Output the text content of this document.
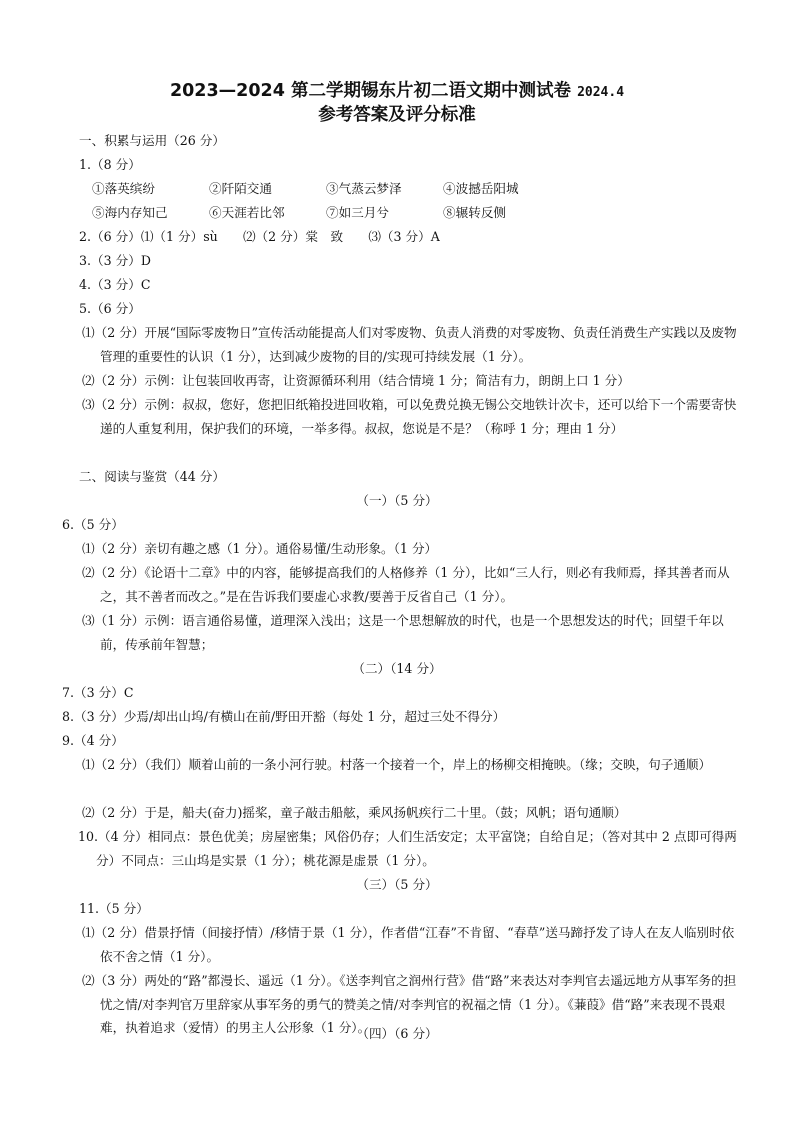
2023—2024 第二学期锡东片初二语文期中测试卷 2024.4
参考答案及评分标准
一、积累与运用（26 分）
1.（8 分）
①落英缤纷	②阡陌交通	③气蒸云梦泽	④波撼岳阳城
⑤海内存知己	⑥天涯若比邻	⑦如三月兮	⑧辗转反侧
2.（6 分）⑴（1 分）sù　　⑵（2 分）棠　致　　⑶（3 分）A
3.（3 分）D
4.（3 分）C
5.（6 分）
⑴（2 分）开展“国际零废物日”宣传活动能提高人们对零废物、负责人消费的对零废物、负责任消费生产实践以及废物管理的重要性的认识（1 分），达到减少废物的目的/实现可持续发展（1 分）。
⑵（2 分）示例：让包装回收再寄，让资源循环利用（结合情境 1 分；简洁有力，朗朗上口 1 分）
⑶（2 分）示例：叔叔，您好，您把旧纸箱投进回收箱，可以免费兑换无锡公交地铁计次卡，还可以给下一个需要寄快递的人重复利用，保护我们的环境，一举多得。叔叔，您说是不是？（称呼 1 分；理由 1 分）
二、阅读与鉴赏（44 分）
（一）（5 分）
6.（5 分）
⑴（2 分）亲切有趣之感（1 分）。通俗易懂/生动形象。（1 分）
⑵（2 分）《论语十二章》中的内容，能够提高我们的人格修养（1 分），比如“三人行，则必有我师焉，择其善者而从之，其不善者而改之。”是在告诉我们要虚心求教/要善于反省自己（1 分）。
⑶（1 分）示例：语言通俗易懂，道理深入浅出；这是一个思想解放的时代，也是一个思想发达的时代；回望千年以前，传承前年智慧；
（二）（14 分）
7.（3 分）C
8.（3 分）少焉/却出山坞/有横山在前/野田开豁（每处 1 分，超过三处不得分）
9.（4 分）
⑴（2 分）（我们）顺着山前的一条小河行驶。村落一个接着一个，岸上的杨柳交相掩映。（缘；交映，句子通顺）
⑵（2 分）于是，船夫(奋力)摇桨，童子敲击船舷，乘风扬帆疾行二十里。（鼓；风帆；语句通顺）
10.（4 分）相同点：景色优美；房屋密集；风俗仍存；人们生活安定；太平富饶；自给自足；（答对其中 2 点即可得两分）不同点：三山坞是实景（1 分）；桃花源是虚景（1 分）。
（三）（5 分）
11.（5 分）
⑴（2 分）借景抒情（间接抒情）/移情于景（1 分），作者借“江春”不肯留、“春草”送马蹄抒发了诗人在友人临别时依依不舍之情（1 分）。
⑵（3 分）两处的“路”都漫长、遥远（1 分）。《送李判官之润州行营》借“路”来表达对李判官去遥远地方从事军务的担忧之情/对李判官万里辞家从事军务的勇气的赞美之情/对李判官的祝福之情（1 分）。《蒹葭》借“路”来表现不畏艰难，执着追求（爱情）的男主人公形象（1 分）。
（四）（6 分）
